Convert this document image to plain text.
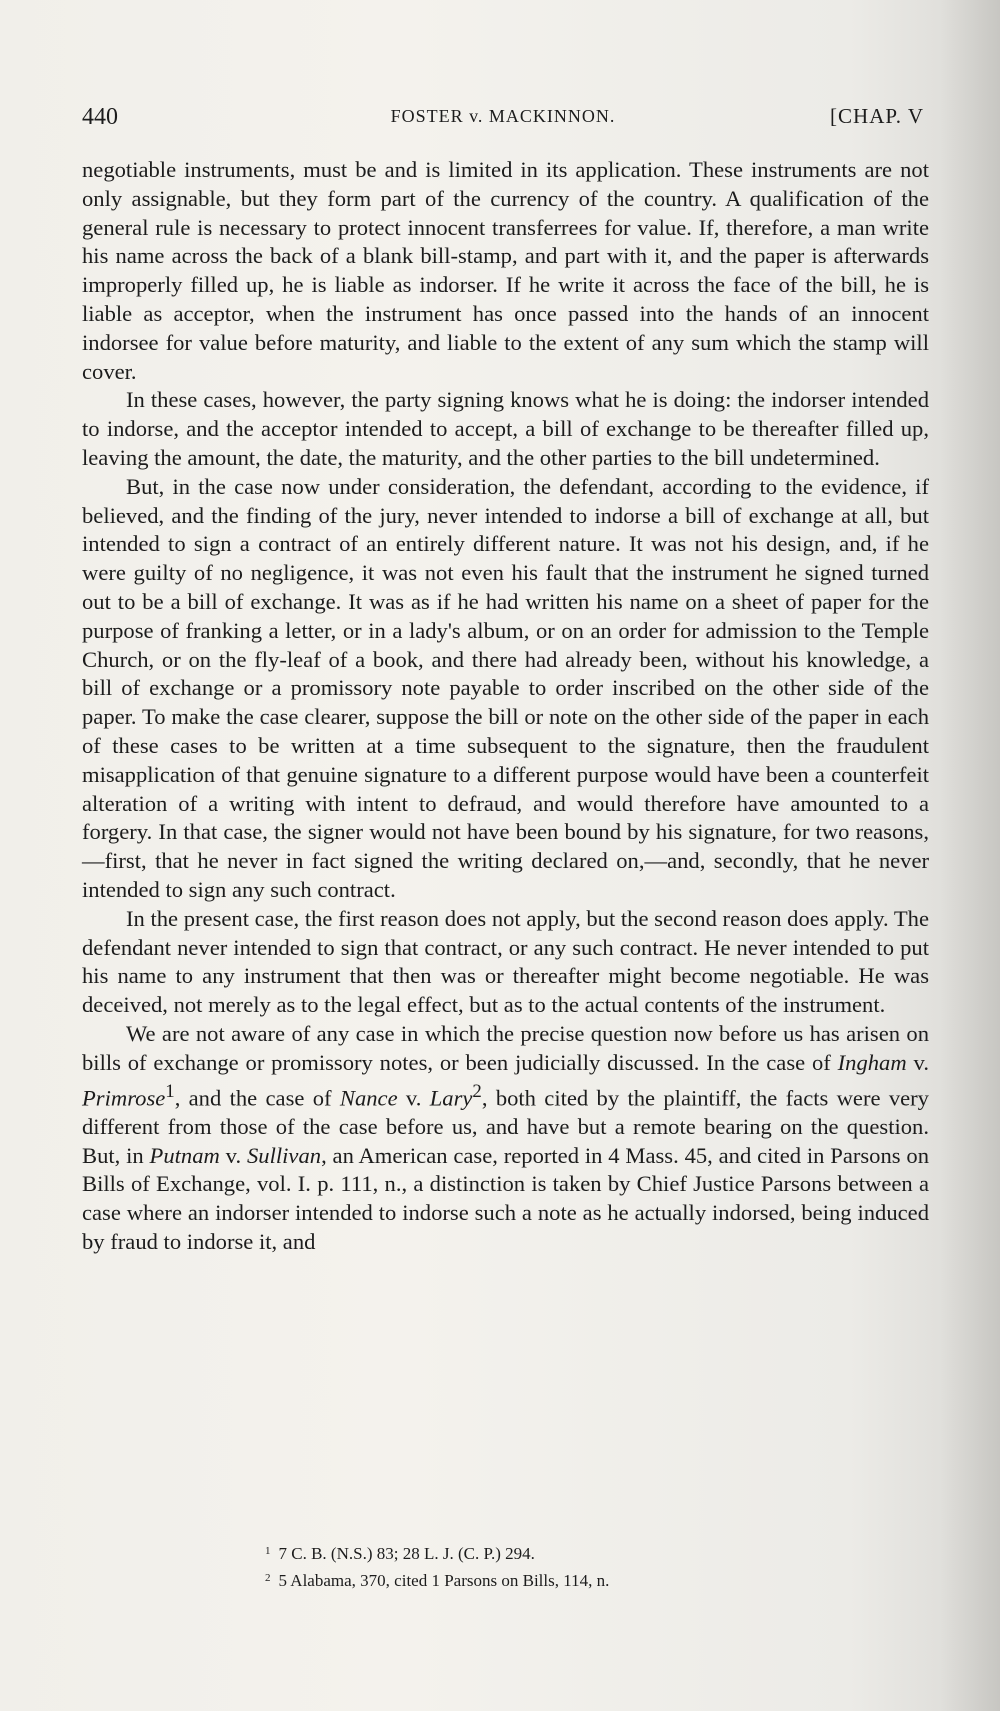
440	FOSTER v. MACKINNON.	[CHAP. V

negotiable instruments, must be and is limited in its application. These instruments are not only assignable, but they form part of the currency of the country. A qualification of the general rule is necessary to protect innocent transferrees for value. If, therefore, a man write his name across the back of a blank bill-stamp, and part with it, and the paper is afterwards improperly filled up, he is liable as indorser. If he write it across the face of the bill, he is liable as acceptor, when the instrument has once passed into the hands of an innocent indorsee for value before maturity, and liable to the extent of any sum which the stamp will cover.

In these cases, however, the party signing knows what he is doing: the indorser intended to indorse, and the acceptor intended to accept, a bill of exchange to be thereafter filled up, leaving the amount, the date, the maturity, and the other parties to the bill undetermined.

But, in the case now under consideration, the defendant, according to the evidence, if believed, and the finding of the jury, never intended to indorse a bill of exchange at all, but intended to sign a contract of an entirely different nature. It was not his design, and, if he were guilty of no negligence, it was not even his fault that the instrument he signed turned out to be a bill of exchange. It was as if he had written his name on a sheet of paper for the purpose of franking a letter, or in a lady's album, or on an order for admission to the Temple Church, or on the fly-leaf of a book, and there had already been, without his knowledge, a bill of exchange or a promissory note payable to order inscribed on the other side of the paper. To make the case clearer, suppose the bill or note on the other side of the paper in each of these cases to be written at a time subsequent to the signature, then the fraudulent misapplication of that genuine signature to a different purpose would have been a counterfeit alteration of a writing with intent to defraud, and would therefore have amounted to a forgery. In that case, the signer would not have been bound by his signature, for two reasons,—first, that he never in fact signed the writing declared on,—and, secondly, that he never intended to sign any such contract.

In the present case, the first reason does not apply, but the second reason does apply. The defendant never intended to sign that contract, or any such contract. He never intended to put his name to any instrument that then was or thereafter might become negotiable. He was deceived, not merely as to the legal effect, but as to the actual contents of the instrument.

We are not aware of any case in which the precise question now before us has arisen on bills of exchange or promissory notes, or been judicially discussed. In the case of Ingham v. Primrose$^1$, and the case of Nance v. Lary$^2$, both cited by the plaintiff, the facts were very different from those of the case before us, and have but a remote bearing on the question. But, in Putnam v. Sullivan, an American case, reported in 4 Mass. 45, and cited in Parsons on Bills of Exchange, vol. I. p. 111, n., a distinction is taken by Chief Justice Parsons between a case where an indorser intended to indorse such a note as he actually indorsed, being induced by fraud to indorse it, and

$^1$ 7 C. B. (N.S.) 83; 28 L. J. (C. P.) 294.
$^2$ 5 Alabama, 370, cited 1 Parsons on Bills, 114, n.
